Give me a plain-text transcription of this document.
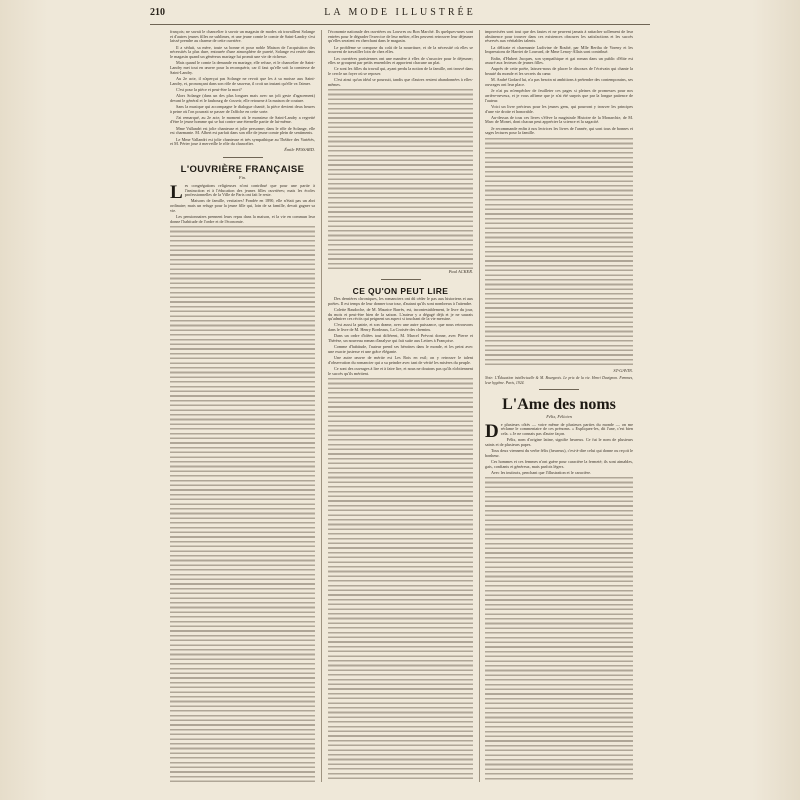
210	LA MODE ILLUSTRÉE

françois; ne savait le chancelier à savoir un magasin de modes où travaillent Solange et d'autres jeunes filles ne sublimes, et une jeune comte le comte de Saint-Landry s'est laissé prendre au charme de cette ouvrière.

Il a séduit, sa mère, toute sa bonne et pour noble Maison de l'acquisition des nécessités la plus dure, entourée d'une atmosphère de pureté, Solange est restée dans le magasin quand un généreux mariage lui promit une vie de richesse.

Mais quand le comte la demande en mariage, elle refuse, et le chancelier de Saint-Landry met tout en œuvre pour la reconquérir, car il faut qu'elle soit la comtesse de Saint-Landry.

Au 2e acte, il n'aperçut pas Solange ne revoit que les à sa moisse aux Saint-Landry, et, prononçant dans son rôle de sauveur, il croit un instant qu'elle va l'aimer.

C'est pour la pièce et peut-être la mort?

Alors Solange (dans un des plus longues mais avec un joli geste d'agacement) devant le général et le faubourg de s'ouvrir, elle retourne à la maison de couture.

Sans la musique qui accompagne le dialogue chanté, la pièce devient deux heures à peine où l'on pourrait se passer de l'affiche en cette sorte.

J'ai remarqué, au 2e acte, le moment où le monsieur de Saint-Landry a regretté d'être le jeune homme qui se bat contre une éternelle partie de lui-même.

Mme Vallandri est jolie chanteuse et jolie personne; dans le rôle de Solange, elle est charmante. M. Albert est parfait dans son rôle de jeune comte plein de sentiments.

Le Mme Vallandri est jolie chanteuse et très sympathique au Théâtre des Variétés, et M. Périer joue à merveille le rôle du chancelier.

Émile PESSARD.
L'OUVRIÈRE FRANÇAISE
Fin.

Les congrégations religieuses n'ont contribué que pour une partie à l'instruction et à l'éducation des jeunes filles ouvrières; mais les écoles professionnelles de la Ville de Paris ont fait le reste.

Maisons de famille, vestiaires! Fondée en 1890, elle n'était pas un abri ordinaire; mais un refuge pour la jeune fille qui, loin de sa famille, devait gagner sa vie.

Les pensionnaires prennent leurs repas dans la maison, et la vie en commun leur donne l'habitude de l'ordre et de l'économie.

l'économie nationale des ouvrières ou Louvres ou Bon Marché. Ils quelques-unes sont entrées pour le dégrader l'exercice de leur métier, elles peuvent retrouver leur déjeuner qu'elles seraient en cherchant dans le magasin.

Le problème se compose du coût de la nourriture, et de la nécessité où elles se trouvent de travailler loin de chez elles.

Les ouvrières parisiennes ont une manière à elles de s'associer pour le déjeuner; elles se groupent par petits ensembles et apportent chacune un plat.

Ce sont les filles du travail qui, ayant perdu la notion de la famille, ont trouvé dans le cercle un foyer où se reposer.

C'est ainsi qu'un idéal se poursuit, tandis que d'autres restent abandonnées à elles-mêmes.

Paul ACKER.
CE QU'ON PEUT LIRE

Des dernières chroniques, les romanciers ont dû céder le pas aux historiens et aux poètes. Il est temps de leur donner tour tour, d'autant qu'ils sont nombreux à l'attendre.

Colette Baudoche, de M. Maurice Barrès, est, incontestablement, le livre du jour, du mois et peut-être bien de la saison. L'auteur y a dégagé déjà et je ne saurais qu'admirer ces récits qui peignent un aspect si touchant de la vie messine.

C'est aussi la patrie, et son drame, avec une autre puissance, que nous retrouvons dans le livre de M. Henry Bordeaux, La Croisée des chemins.

Dans un ordre d'idées tout différent, M. Marcel Prévost donne, avec Pierre et Thérèse, un nouveau roman d'analyse qui fait suite aux Lettres à Françoise.

Comme d'habitude, l'auteur prend ses héroïnes dans le monde, et les peint avec une exacte justesse et une grâce élégante.

Une autre œuvre de mérite est Les Rois en exil; on y retrouve le talent d'observation du romancier qui a su peindre avec tant de vérité les misères du peuple.

Ce sont des ouvrages à lire et à faire lire, et nous ne doutons pas qu'ils n'obtiennent le succès qu'ils méritent.

improvisées sont tout que des fautes et ne peuvent jamais à rattacher sollement de leur abstinence pour trouver dans ces existences obscures les satisfactions et les succès réservés aux véritables talents.

La délicate et charmante Ludivine de Roubé, par Mlle Bertha de Voreny et les Impressions de Harriet de Louvard, de Mme Lenoy-Allais sont contribué.

Enfin, d'Hubert Jacques, son sympathique et gai roman dans un public d'élite est assuré aux lecteurs de jeunes filles.

Auprès de cette poète, laissez-nous de placer le discours de l'écrivain qui chante la beauté du monde et les secrets du cœur.

M. André Godard lui, n'a pas besoin ni ambitions à prétendre des contemporains, ses ouvrages ont leur place.

Je n'ai pu m'empêcher de feuilleter ces pages si pleines de promesses pour nos arrière-neveux, et je vous affirme que je n'ai été surpris que par la longue patience de l'auteur.

Voici un livre précieux pour les jeunes gens, qui pourront y trouver les principes d'une vie droite et honorable.

Au-dessus de tous ces livres s'élève la magistrale Histoire de la Monarchie, de M. Marc de Monet, dont chacun peut apprécier la science et la sagacité.

Je recommande enfin à nos lectrices les livres de l'année, qui sont tous de bonnes et sages lectures pour la famille.

ST-GAVIN.
Note: L'Éducation intellectuelle & M. Bourgeois. Le prix de la vie. Henri Davignon. Femmes, leur hygiène. Paris, 1924.
L'Ame des noms
Félix, Félicien

De plusieurs côtés — voire même de plusieurs parties du monde — on me réclame le commentaire de ces prénoms. « Expliquez-les, dit l'une, c'est bien cela. » Je ne connais pas d'autre façon.

Félix, nom d'origine latine, signifie heureux. Ce fut le nom de plusieurs saints et de plusieurs papes.

Tous deux viennent du verbe félix (heureux), c'est-à-dire celui qui donne ou reçoit le bonheur.

Ces hommes et ces femmes n'ont guère pour caractère la fermeté; ils sont aimables, gais, confiants et généreux, mais parfois légers.

Avec les instincts, penchant que l'illustration et le caractère.
